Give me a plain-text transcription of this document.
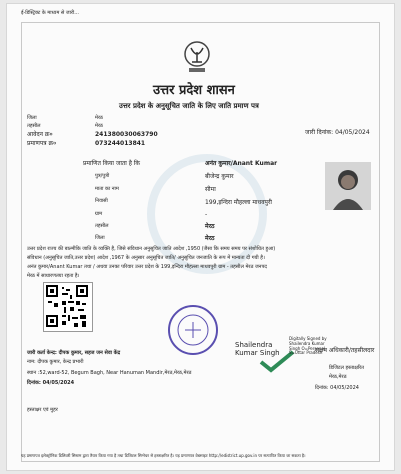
ई-डिस्ट्रिक्ट के माध्यम से जारी...
उत्तर प्रदेश शासन
उत्तर प्रदेश के अनुसूचित जाति के लिए जाति प्रमाण पत्र
जिला	मेरठ
तहसील	मेरठ
आवेदन क्र०	241380030063790
प्रमाणपत्र क्र०	073244013841
जारी दिनांक: 04/05/2024
प्रमाणित किया जाता है कि	अनंत कुमार/Anant Kumar
पुत्र/पुत्री	बीजेन्द्र कुमार
माता का नाम	सीमा
निवासी	199,इन्दिरा मौहल्ला माधवपुरी
ग्राम	-
तहसील	मेरठ
जिला	मेरठ
उत्तर प्रदेश राज्य की बाल्मीकि जाति के व्यक्ति है, जिसे संविधान अनुसूचित जाति आदेश ,1950 (जैसा कि समय समय पर संशोधित हुआ)
संविधान (अनुसूचित जाति,उत्तर प्रदेश) आदेश ,1967 के अनुसार अनुसूचित जाति/ अनुसूचित जनजाति के रूप में मान्यता दी गयी है।
अनंत कुमार/Anant Kumar तथा / अथवा उनका परिवार उत्तर प्रदेश के 199,इन्दिरा मौहल्ला माधवपुरी ग्राम - तहसील मेरठ जनपद
मेरठ में साधारणतया रहता है।
जारी कर्ता केन्द्र: दीपक कुमार, सहज जन सेवा केंद्र
नाम: दीपक कुमार, केन्द्र प्रभारी
स्थान :52,ward-52, Begum Bagh, Near Hanuman Mandir,मेरठ,मेरठ,मेरठ
दिनांक: 04/05/2024
Shailendra Kumar Singh
Digitally Signed by Shailendra Kumar Singh O=Personal, S=Uttar Pradesh
सक्षम अधिकारी/तहसीलदार
डिजिटल हस्ताक्षरित
मेरठ,मेरठ
दिनांक: 04/05/2024
हस्ताक्षर एवं मुहर
यह प्रमाणपत्र इलेक्ट्रॉनिक डिलिवरी सिस्टम द्वारा तैयार किया गया है तथा डिजिटल सिग्नेचर से हस्ताक्षरित है। यह प्रमाणपत्र वेबसाइट http://edistrict.up.gov.in पर सत्यापित किया जा सकता है।
